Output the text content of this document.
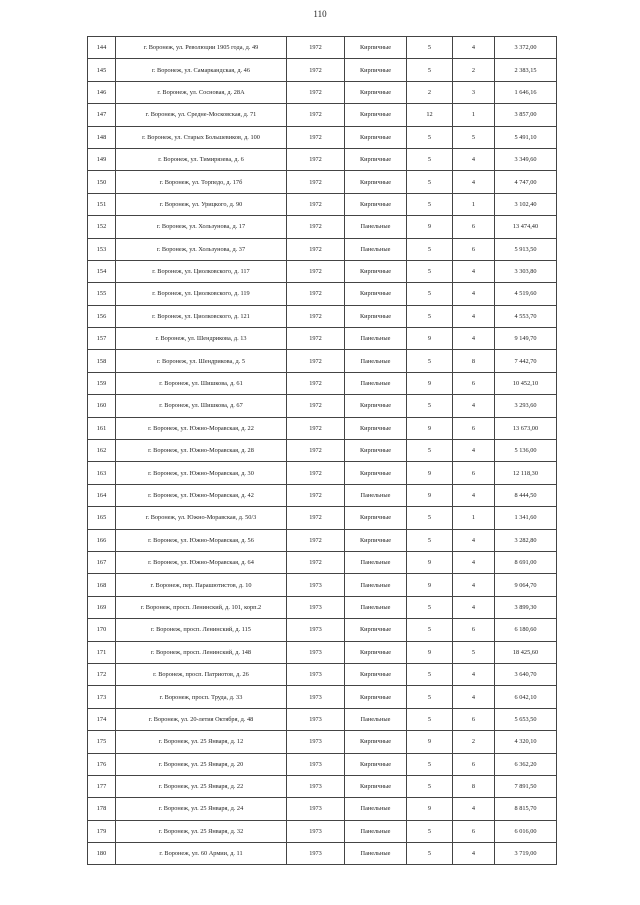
110
144	г. Воронеж, ул. Революции 1905 года, д. 49	1972	Кирпичные	5	4	3 372,00
145	г. Воронеж, ул. Самаркандская, д. 46	1972	Кирпичные	5	2	2 383,15
146	г. Воронеж, ул. Сосновая, д. 28А	1972	Кирпичные	2	3	1 646,16
147	г. Воронеж, ул. Средне-Московская, д. 71	1972	Кирпичные	12	1	3 857,00
148	г. Воронеж, ул. Старых Большевиков, д. 100	1972	Кирпичные	5	5	5 491,10
149	г. Воронеж, ул. Тимирязева, д. 6	1972	Кирпичные	5	4	3 349,60
150	г. Воронеж, ул. Торпедо, д. 17б	1972	Кирпичные	5	4	4 747,00
151	г. Воронеж, ул. Урицкого, д. 90	1972	Кирпичные	5	1	3 102,40
152	г. Воронеж, ул. Хользунова, д. 17	1972	Панельные	9	6	13 474,40
153	г. Воронеж, ул. Хользунова, д. 37	1972	Панельные	5	6	5 913,50
154	г. Воронеж, ул. Циолковского, д. 117	1972	Кирпичные	5	4	3 303,80
155	г. Воронеж, ул. Циолковского, д. 119	1972	Кирпичные	5	4	4 519,60
156	г. Воронеж, ул. Циолковского, д. 121	1972	Кирпичные	5	4	4 553,70
157	г. Воронеж, ул. Шендрикова, д. 13	1972	Панельные	9	4	9 149,70
158	г. Воронеж, ул. Шендрикова, д. 5	1972	Панельные	5	8	7 442,70
159	г. Воронеж, ул. Шишкова, д. 61	1972	Панельные	9	6	10 452,10
160	г. Воронеж, ул. Шишкова, д. 67	1972	Кирпичные	5	4	3 293,60
161	г. Воронеж, ул. Южно-Моравская, д. 22	1972	Кирпичные	9	6	13 673,00
162	г. Воронеж, ул. Южно-Моравская, д. 28	1972	Кирпичные	5	4	5 136,00
163	г. Воронеж, ул. Южно-Моравская, д. 30	1972	Кирпичные	9	6	12 118,30
164	г. Воронеж, ул. Южно-Моравская, д. 42	1972	Панельные	9	4	8 444,50
165	г. Воронеж, ул. Южно-Моравская, д. 50/3	1972	Кирпичные	5	1	1 341,60
166	г. Воронеж, ул. Южно-Моравская, д. 56	1972	Кирпичные	5	4	3 282,80
167	г. Воронеж, ул. Южно-Моравская, д. 64	1972	Панельные	9	4	8 691,00
168	г. Воронеж, пер. Парашютистов, д. 10	1973	Панельные	9	4	9 064,70
169	г. Воронеж, просп. Ленинский, д. 101, корп.2	1973	Панельные	5	4	3 899,30
170	г. Воронеж, просп. Ленинский, д. 115	1973	Кирпичные	5	6	6 180,60
171	г. Воронеж, просп. Ленинский, д. 148	1973	Кирпичные	9	5	18 425,60
172	г. Воронеж, просп. Патриотов, д. 26	1973	Кирпичные	5	4	3 640,70
173	г. Воронеж, просп. Труда, д. 33	1973	Кирпичные	5	4	6 042,10
174	г. Воронеж, ул. 20-летия Октября, д. 48	1973	Панельные	5	6	5 653,50
175	г. Воронеж, ул. 25 Января, д. 12	1973	Кирпичные	9	2	4 320,10
176	г. Воронеж, ул. 25 Января, д. 20	1973	Кирпичные	5	6	6 362,20
177	г. Воронеж, ул. 25 Января, д. 22	1973	Кирпичные	5	8	7 891,50
178	г. Воронеж, ул. 25 Января, д. 24	1973	Панельные	9	4	8 815,70
179	г. Воронеж, ул. 25 Января, д. 32	1973	Панельные	5	6	6 016,00
180	г. Воронеж, ул. 60 Армии, д. 11	1973	Панельные	5	4	3 719,00
